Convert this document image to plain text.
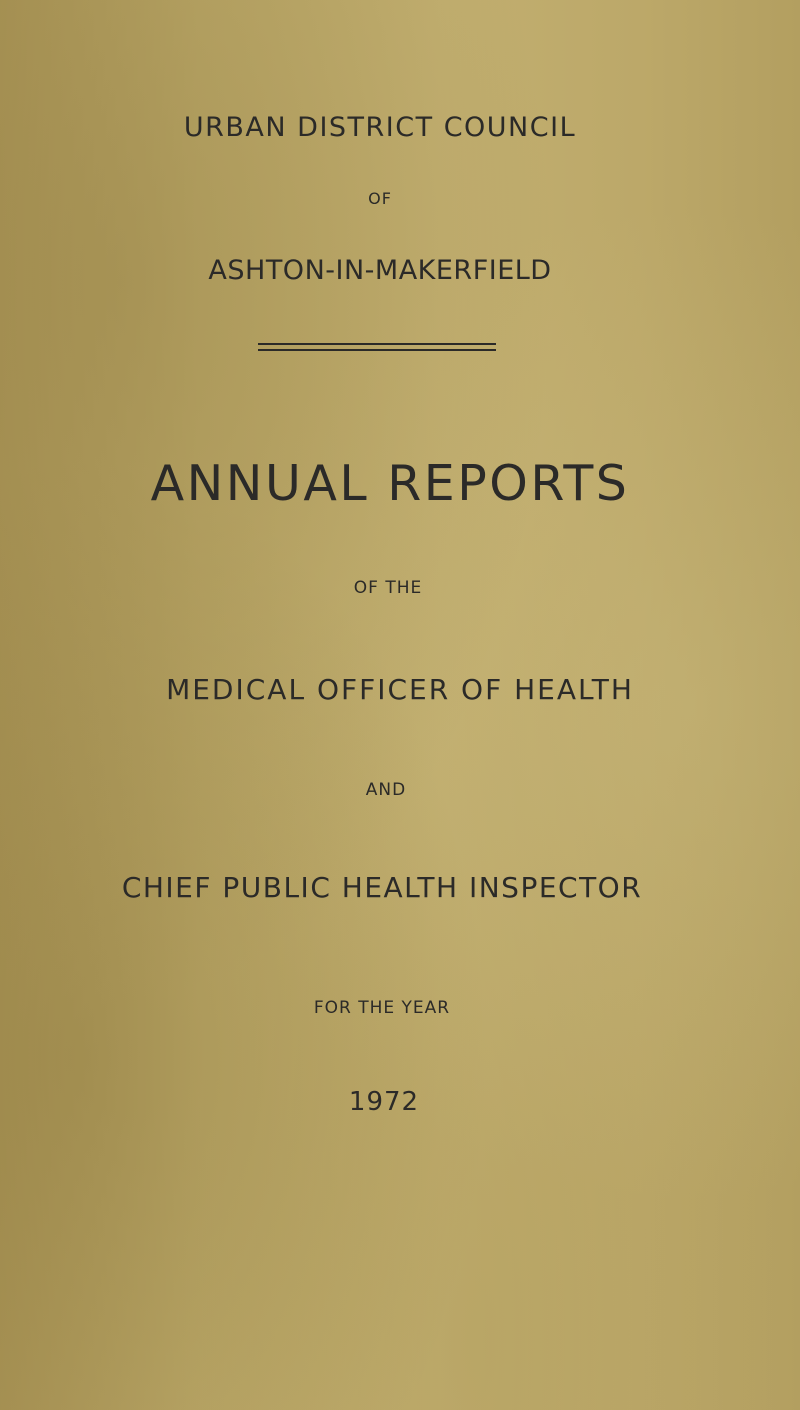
URBAN DISTRICT COUNCIL

OF

ASHTON-IN-MAKERFIELD
ANNUAL REPORTS

OF THE

MEDICAL OFFICER OF HEALTH

AND

CHIEF PUBLIC HEALTH INSPECTOR

FOR THE YEAR

1972
